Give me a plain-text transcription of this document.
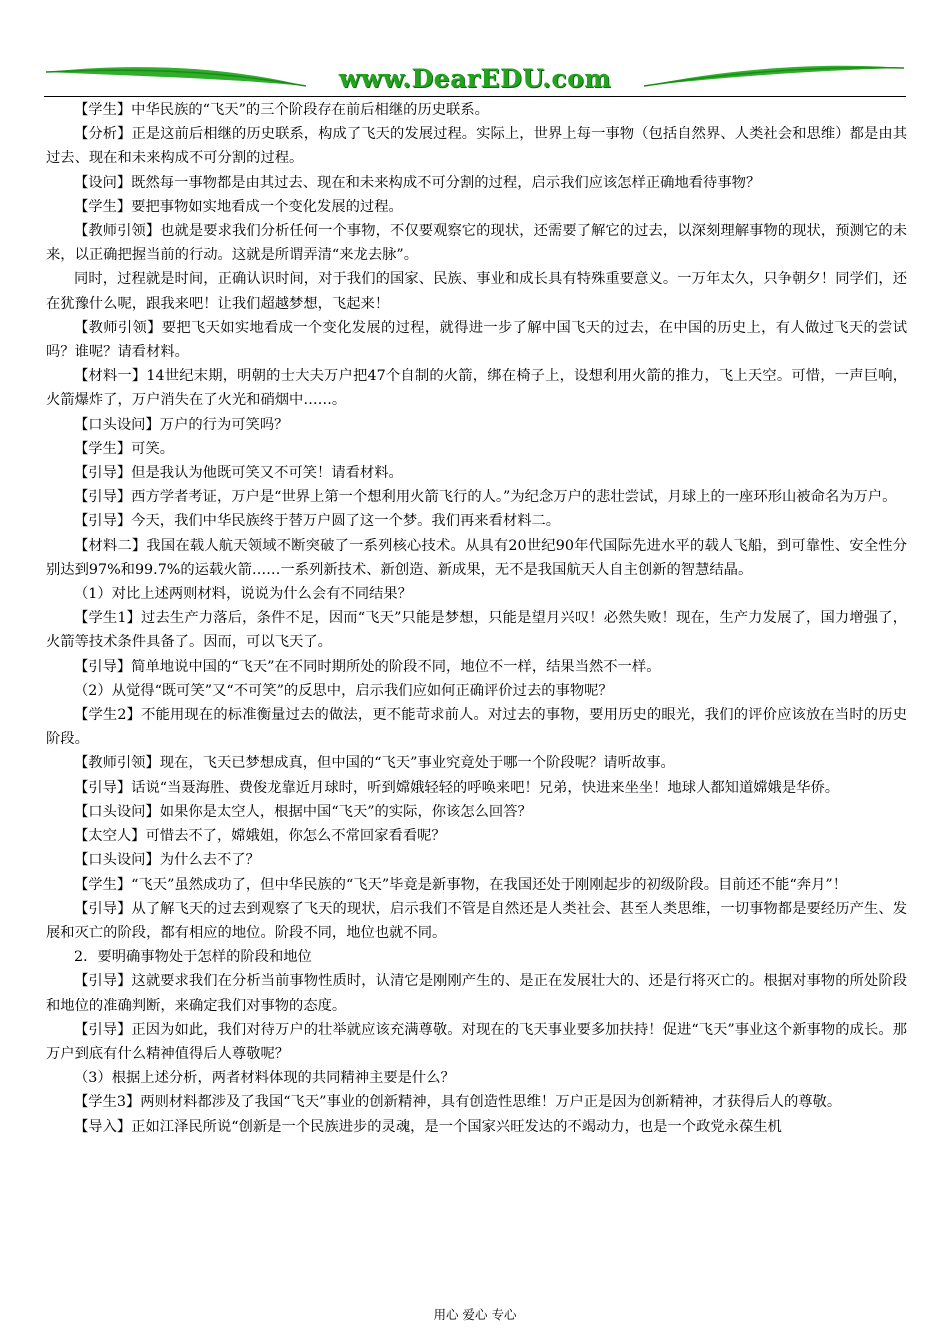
www.DearEDU.com

【学生】中华民族的“飞天”的三个阶段存在前后相继的历史联系。

【分析】正是这前后相继的历史联系，构成了飞天的发展过程。实际上，世界上每一事物（包括自然界、人类社会和思维）都是由其过去、现在和未来构成不可分割的过程。

【设问】既然每一事物都是由其过去、现在和未来构成不可分割的过程，启示我们应该怎样正确地看待事物？

【学生】要把事物如实地看成一个变化发展的过程。

【教师引领】也就是要求我们分析任何一个事物，不仅要观察它的现状，还需要了解它的过去，以深刻理解事物的现状，预测它的未来，以正确把握当前的行动。这就是所谓弄清“来龙去脉”。

同时，过程就是时间，正确认识时间，对于我们的国家、民族、事业和成长具有特殊重要意义。一万年太久，只争朝夕！同学们，还在犹豫什么呢，跟我来吧！让我们超越梦想，飞起来！

【教师引领】要把飞天如实地看成一个变化发展的过程，就得进一步了解中国飞天的过去，在中国的历史上，有人做过飞天的尝试吗？谁呢？请看材料。

【材料一】14世纪末期，明朝的士大夫万户把47个自制的火箭，绑在椅子上，设想利用火箭的推力，飞上天空。可惜，一声巨响，火箭爆炸了，万户消失在了火光和硝烟中……。

【口头设问】万户的行为可笑吗？

【学生】可笑。

【引导】但是我认为他既可笑又不可笑！请看材料。

【引导】西方学者考证，万户是“世界上第一个想利用火箭飞行的人。”为纪念万户的悲壮尝试，月球上的一座环形山被命名为万户。

【引导】今天，我们中华民族终于替万户圆了这一个梦。我们再来看材料二。

【材料二】我国在载人航天领域不断突破了一系列核心技术。从具有20世纪90年代国际先进水平的载人飞船，到可靠性、安全性分别达到97%和99.7%的运载火箭……一系列新技术、新创造、新成果，无不是我国航天人自主创新的智慧结晶。

（1）对比上述两则材料，说说为什么会有不同结果？

【学生1】过去生产力落后，条件不足，因而“飞天”只能是梦想，只能是望月兴叹！必然失败！现在，生产力发展了，国力增强了，火箭等技术条件具备了。因而，可以飞天了。

【引导】简单地说中国的“飞天”在不同时期所处的阶段不同，地位不一样，结果当然不一样。

（2）从觉得“既可笑”又“不可笑”的反思中，启示我们应如何正确评价过去的事物呢？

【学生2】不能用现在的标准衡量过去的做法，更不能苛求前人。对过去的事物，要用历史的眼光，我们的评价应该放在当时的历史阶段。

【教师引领】现在，飞天已梦想成真，但中国的“飞天”事业究竟处于哪一个阶段呢？请听故事。

【引导】话说“当聂海胜、费俊龙靠近月球时，听到嫦娥轻轻的呼唤来吧！兄弟，快进来坐坐！地球人都知道嫦娥是华侨。

【口头设问】如果你是太空人，根据中国“飞天”的实际，你该怎么回答？

【太空人】可惜去不了，嫦娥姐，你怎么不常回家看看呢？

【口头设问】为什么去不了？

【学生】“飞天”虽然成功了，但中华民族的“飞天”毕竟是新事物，在我国还处于刚刚起步的初级阶段。目前还不能“奔月”！

【引导】从了解飞天的过去到观察了飞天的现状，启示我们不管是自然还是人类社会、甚至人类思维，一切事物都是要经历产生、发展和灭亡的阶段，都有相应的地位。阶段不同，地位也就不同。

2．要明确事物处于怎样的阶段和地位

【引导】这就要求我们在分析当前事物性质时，认清它是刚刚产生的、是正在发展壮大的、还是行将灭亡的。根据对事物的所处阶段和地位的准确判断，来确定我们对事物的态度。

【引导】正因为如此，我们对待万户的壮举就应该充满尊敬。对现在的飞天事业要多加扶持！促进“飞天”事业这个新事物的成长。那万户到底有什么精神值得后人尊敬呢？

（3）根据上述分析，两者材料体现的共同精神主要是什么？

【学生3】两则材料都涉及了我国“飞天”事业的创新精神，具有创造性思维！万户正是因为创新精神，才获得后人的尊敬。

【导入】正如江泽民所说“创新是一个民族进步的灵魂，是一个国家兴旺发达的不竭动力，也是一个政党永葆生机

用心 爱心 专心
